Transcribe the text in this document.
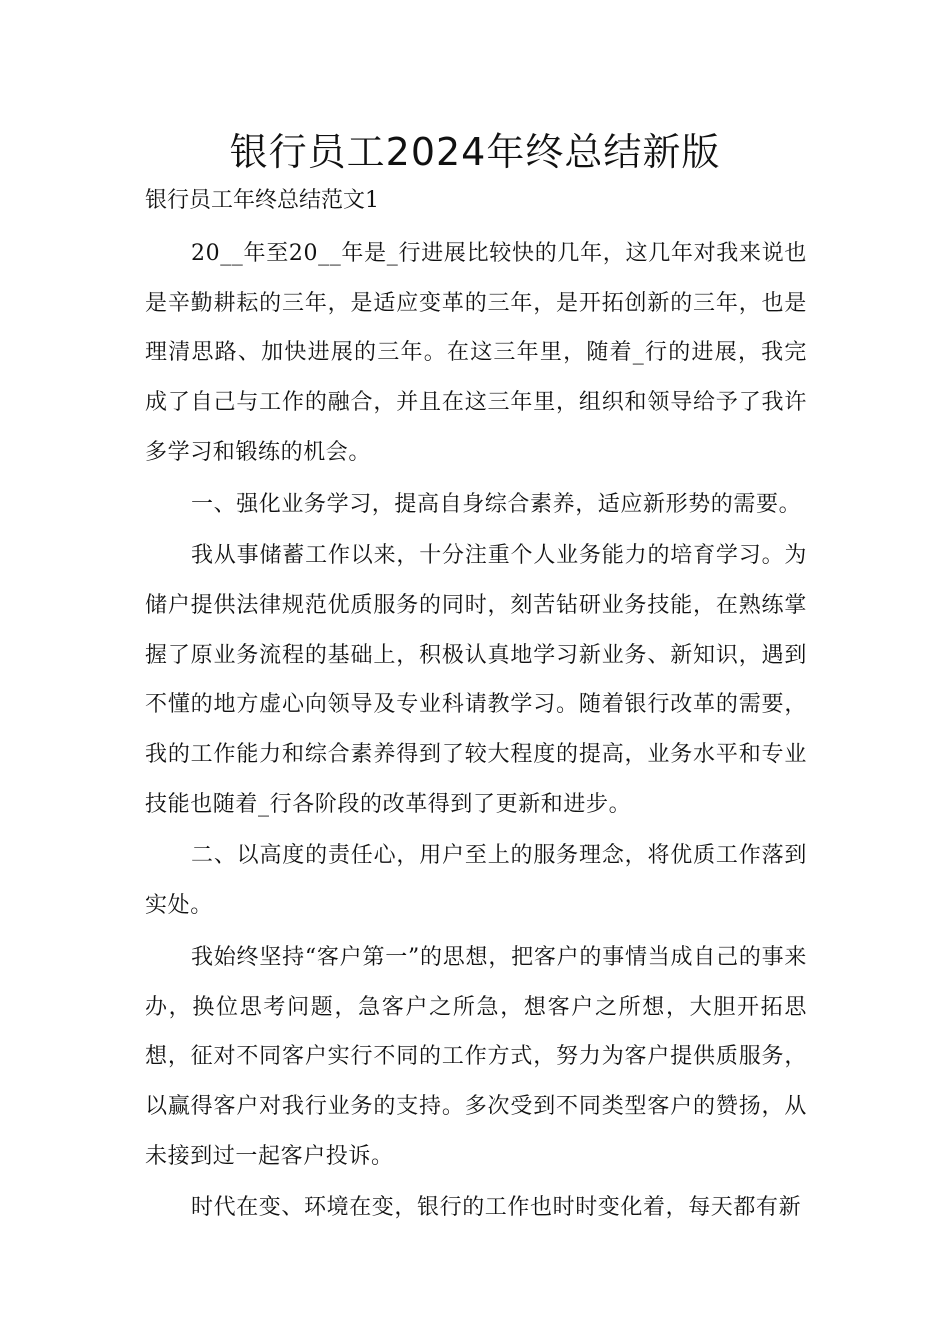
银行员工2024年终总结新版

银行员工年终总结范文1

20__年至20__年是_行进展比较快的几年，这几年对我来说也是辛勤耕耘的三年，是适应变革的三年，是开拓创新的三年，也是理清思路、加快进展的三年。在这三年里，随着_行的进展，我完成了自己与工作的融合，并且在这三年里，组织和领导给予了我许多学习和锻练的机会。

一、强化业务学习，提高自身综合素养，适应新形势的需要。

我从事储蓄工作以来，十分注重个人业务能力的培育学习。为储户提供法律规范优质服务的同时，刻苦钻研业务技能，在熟练掌握了原业务流程的基础上，积极认真地学习新业务、新知识，遇到不懂的地方虚心向领导及专业科请教学习。随着银行改革的需要，我的工作能力和综合素养得到了较大程度的提高，业务水平和专业技能也随着_行各阶段的改革得到了更新和进步。

二、以高度的责任心，用户至上的服务理念，将优质工作落到实处。

我始终坚持“客户第一”的思想，把客户的事情当成自己的事来办，换位思考问题，急客户之所急，想客户之所想，大胆开拓思想，征对不同客户实行不同的工作方式，努力为客户提供质服务，以赢得客户对我行业务的支持。多次受到不同类型客户的赞扬，从未接到过一起客户投诉。

时代在变、环境在变，银行的工作也时时变化着，每天都有新
